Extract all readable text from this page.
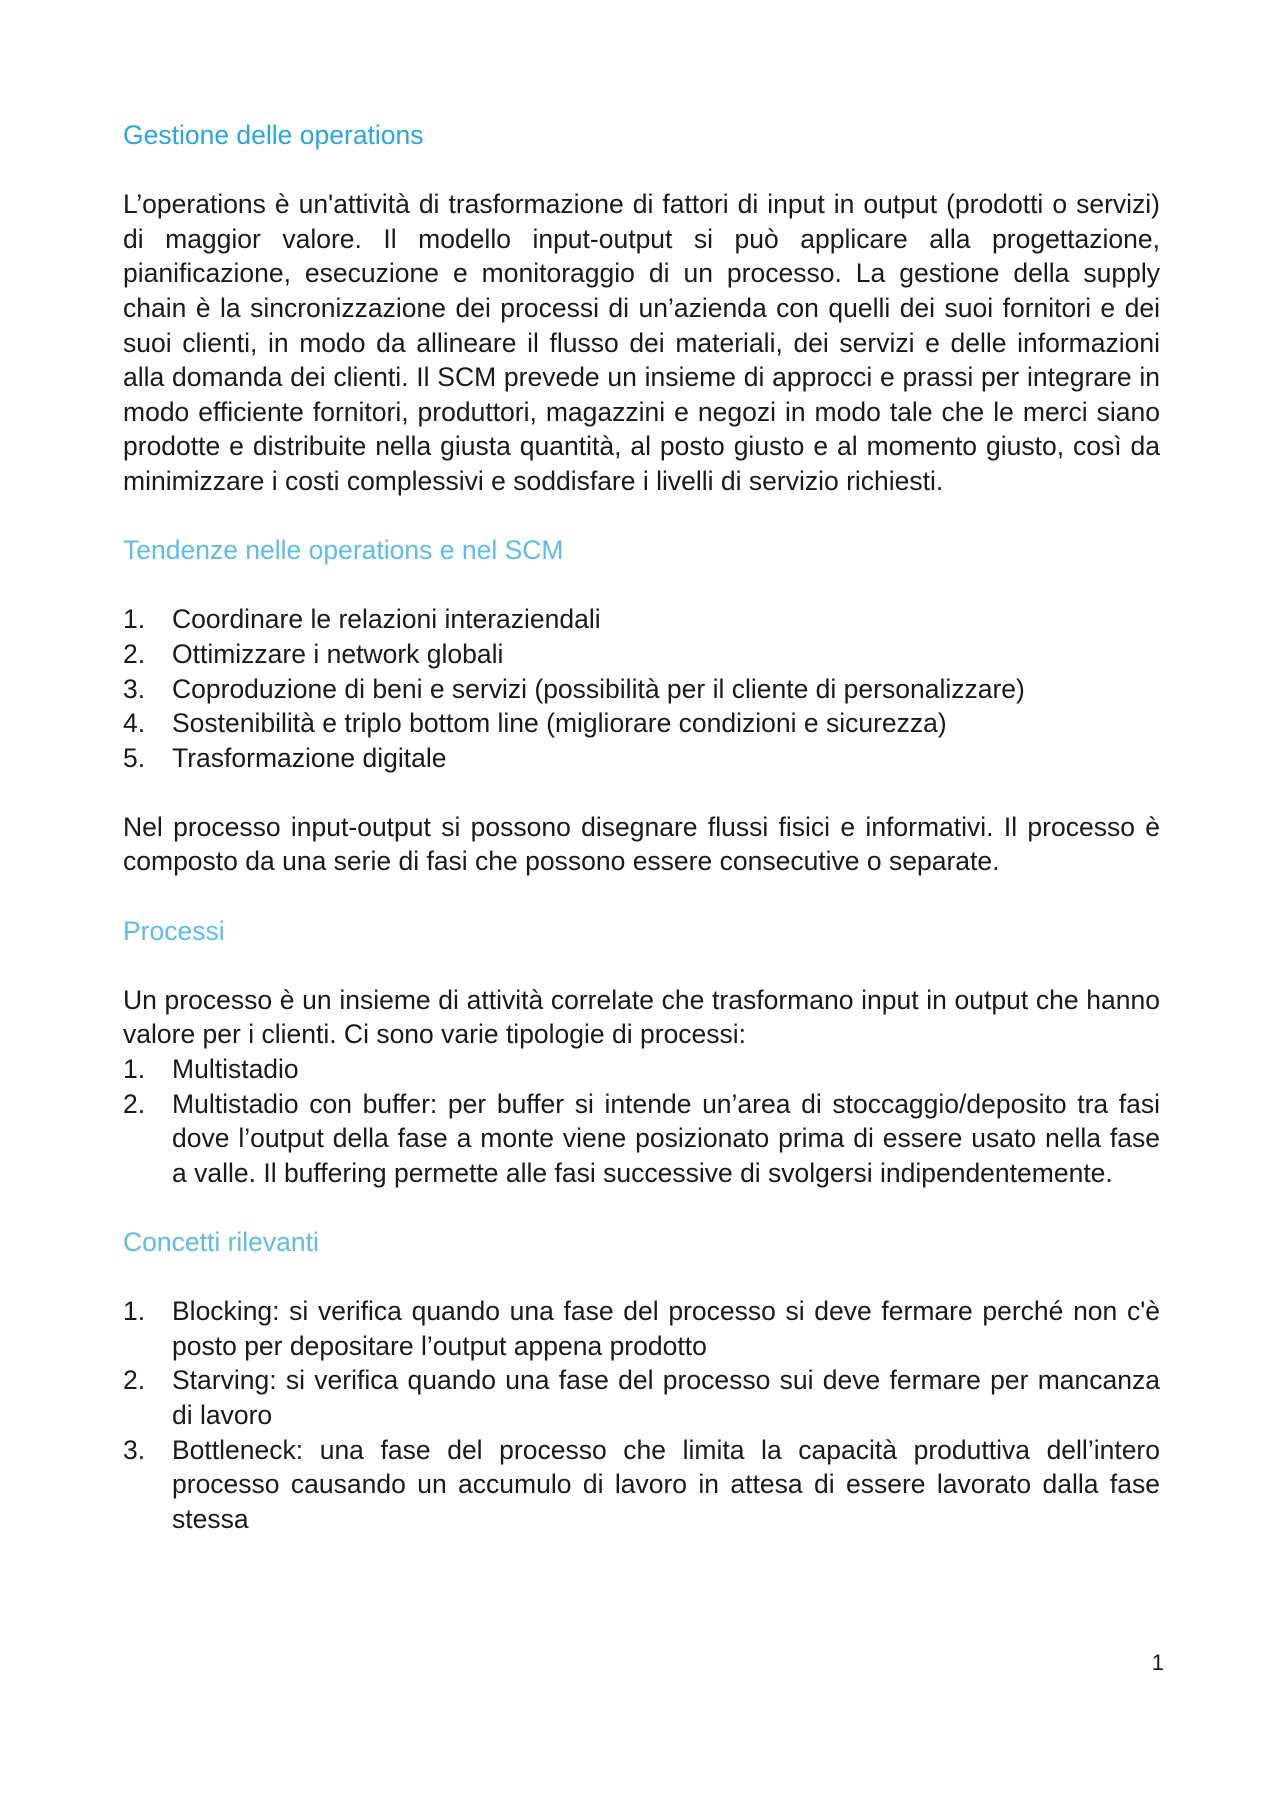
Gestione delle operations

L’operations è un'attività di trasformazione di fattori di input in output (prodotti o servizi) di maggior valore. Il modello input-output si può applicare alla progettazione, pianificazione, esecuzione e monitoraggio di un processo. La gestione della supply chain è la sincronizzazione dei processi di un’azienda con quelli dei suoi fornitori e dei suoi clienti, in modo da allineare il flusso dei materiali, dei servizi e delle informazioni alla domanda dei clienti. Il SCM prevede un insieme di approcci e prassi per integrare in modo efficiente fornitori, produttori, magazzini e negozi in modo tale che le merci siano prodotte e distribuite nella giusta quantità, al posto giusto e al momento giusto, così da minimizzare i costi complessivi e soddisfare i livelli di servizio richiesti.

Tendenze nelle operations e nel SCM
1. Coordinare le relazioni interaziendali
2. Ottimizzare i network globali
3. Coproduzione di beni e servizi (possibilità per il cliente di personalizzare)
4. Sostenibilità e triplo bottom line (migliorare condizioni e sicurezza)
5. Trasformazione digitale

Nel processo input-output si possono disegnare flussi fisici e informativi. Il processo è composto da una serie di fasi che possono essere consecutive o separate.

Processi

Un processo è un insieme di attività correlate che trasformano input in output che hanno valore per i clienti. Ci sono varie tipologie di processi:

1. Multistadio
2. Multistadio con buffer: per buffer si intende un’area di stoccaggio/deposito tra fasi dove l’output della fase a monte viene posizionato prima di essere usato nella fase a valle. Il buffering permette alle fasi successive di svolgersi indipendentemente.
Concetti rilevanti
1. Blocking: si verifica quando una fase del processo si deve fermare perché non c'è posto per depositare l’output appena prodotto
2. Starving: si verifica quando una fase del processo sui deve fermare per mancanza di lavoro
3. Bottleneck: una fase del processo che limita la capacità produttiva dell’intero processo causando un accumulo di lavoro in attesa di essere lavorato dalla fase stessa
1
